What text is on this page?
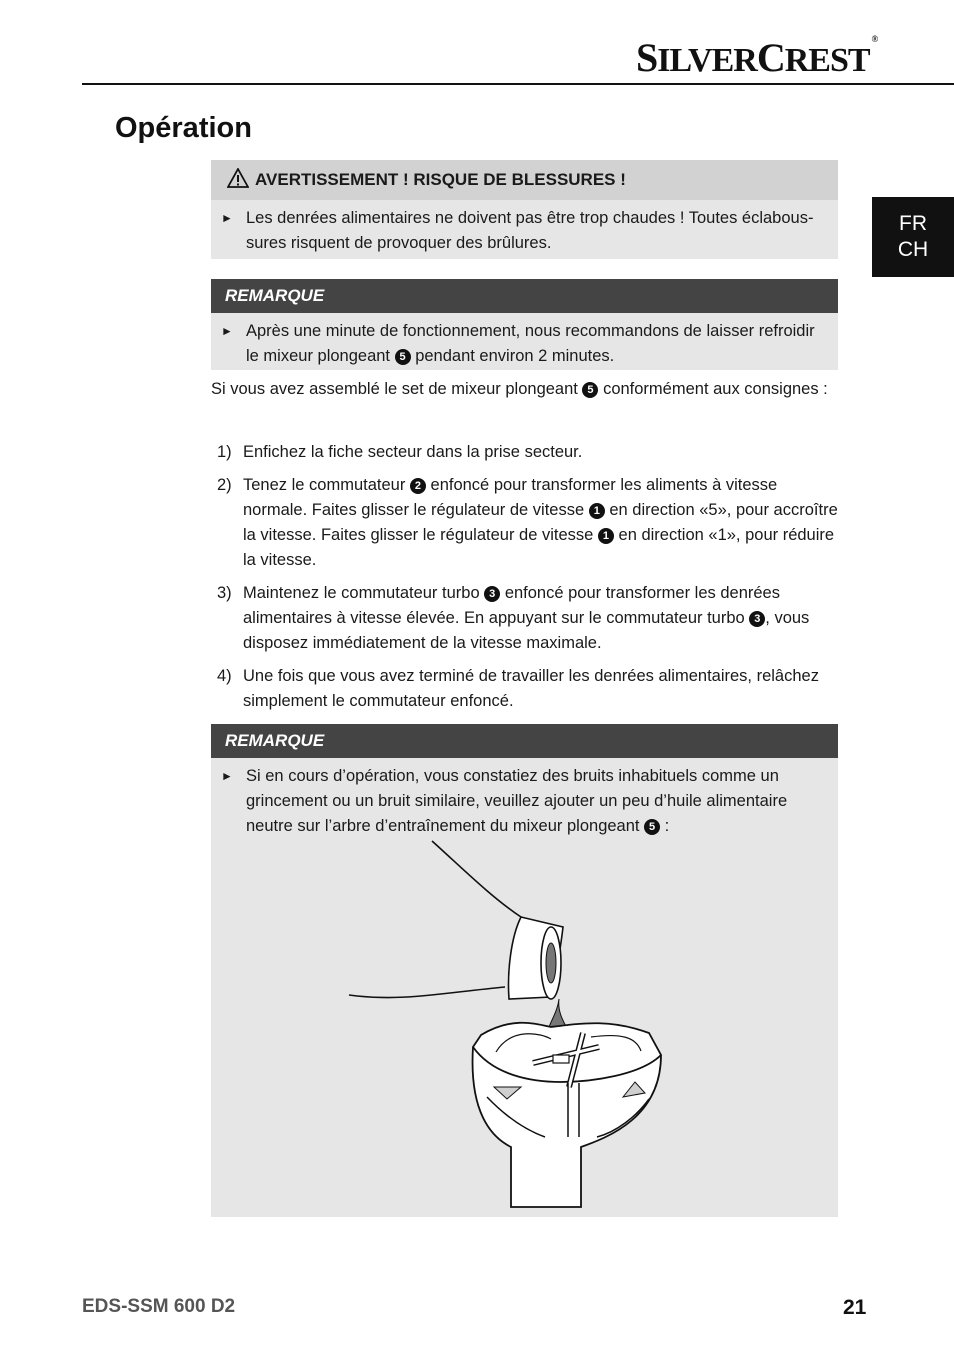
SILVERCREST®
FR
CH
Opération
AVERTISSEMENT ! RISQUE DE BLESSURES !
► Les denrées alimentaires ne doivent pas être trop chaudes ! Toutes éclabous-sures risquent de provoquer des brûlures.
REMARQUE
► Après une minute de fonctionnement, nous recommandons de laisser refroidir le mixeur plongeant 5 pendant environ 2 minutes.
Si vous avez assemblé le set de mixeur plongeant 5 conformément aux consignes :
1) Enfichez la fiche secteur dans la prise secteur.
2) Tenez le commutateur 2 enfoncé pour transformer les aliments à vitesse normale. Faites glisser le régulateur de vitesse 1 en direction «5», pour accroître la vitesse. Faites glisser le régulateur de vitesse 1 en direction «1», pour réduire la vitesse.
3) Maintenez le commutateur turbo 3 enfoncé pour transformer les denrées alimentaires à vitesse élevée. En appuyant sur le commutateur turbo 3 , vous disposez immédiatement de la vitesse maximale.
4) Une fois que vous avez terminé de travailler les denrées alimentaires, relâchez simplement le commutateur enfoncé.
REMARQUE
► Si en cours d’opération, vous constatiez des bruits inhabituels comme un grincement ou un bruit similaire, veuillez ajouter un peu d’huile alimentaire neutre sur l’arbre d’entraînement du mixeur plongeant 5 :
EDS-SSM 600 D2	21
